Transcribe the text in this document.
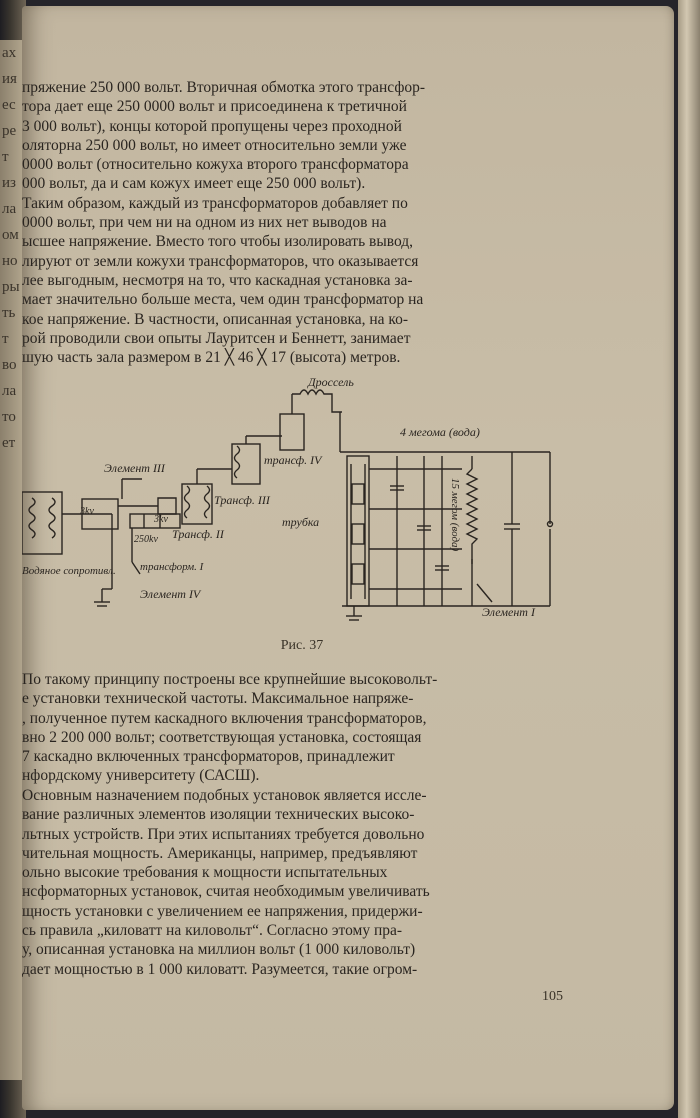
ах
ия
ес
ре
т
из
ла
ом
но
ры
ть
т
во
ла
то
ет
пряжение 250 000 вольт. Вторичная обмотка этого трансфор-
тора дает еще 250 0000 вольт и присоединена к третичной
3 000 вольт), концы которой пропущены через проходной
оляторна 250 000 вольт, но имеет относительно земли уже
0000 вольт (относительно кожуха второго трансформатора
000 вольт, да и сам кожух имеет еще 250 000 вольт).
Таким образом, каждый из трансформаторов добавляет по
0000 вольт, при чем ни на одном из них нет выводов на
ысшее напряжение. Вместо того чтобы изолировать вывод,
лируют от земли кожухи трансформаторов, что оказывается
лее выгодным, несмотря на то, что каскадная установка за-
мает значительно больше места, чем один трансформатор на
кое напряжение. В частности, описанная установка, на ко-
рой проводили свои опыты Лауритсен и Беннетт, занимает
шую часть зала размером в 21 ╳ 46 ╳ 17 (высота) метров.
Дроссель
4 мегома (вода)
Элемент III
трансф. IV
Трансф. III
трубка
Трансф. II
3kv
3kv
250kv
трансформ. I
Водяное сопротивл.
Элемент IV
Элемент I
15 мегом (вода)
Рис. 37
По такому принципу построены все крупнейшие высоковольт-
е установки технической частоты. Максимальное напряже-
, полученное путем каскадного включения трансформаторов,
вно 2 200 000 вольт; соответствующая установка, состоящая
7 каскадно включенных трансформаторов, принадлежит
нфордскому университету (САСШ).
Основным назначением подобных установок является иссле-
вание различных элементов изоляции технических высоко-
льтных устройств. При этих испытаниях требуется довольно
чительная мощность. Американцы, например, предъявляют
ольно высокие требования к мощности испытательных
нсформаторных установок, считая необходимым увеличивать
щность установки с увеличением ее напряжения, придержи-
сь правила „киловатт на киловольт“. Согласно этому пра-
у, описанная установка на миллион вольт (1 000 киловольт)
дает мощностью в 1 000 киловатт. Разумеется, такие огром-
105
